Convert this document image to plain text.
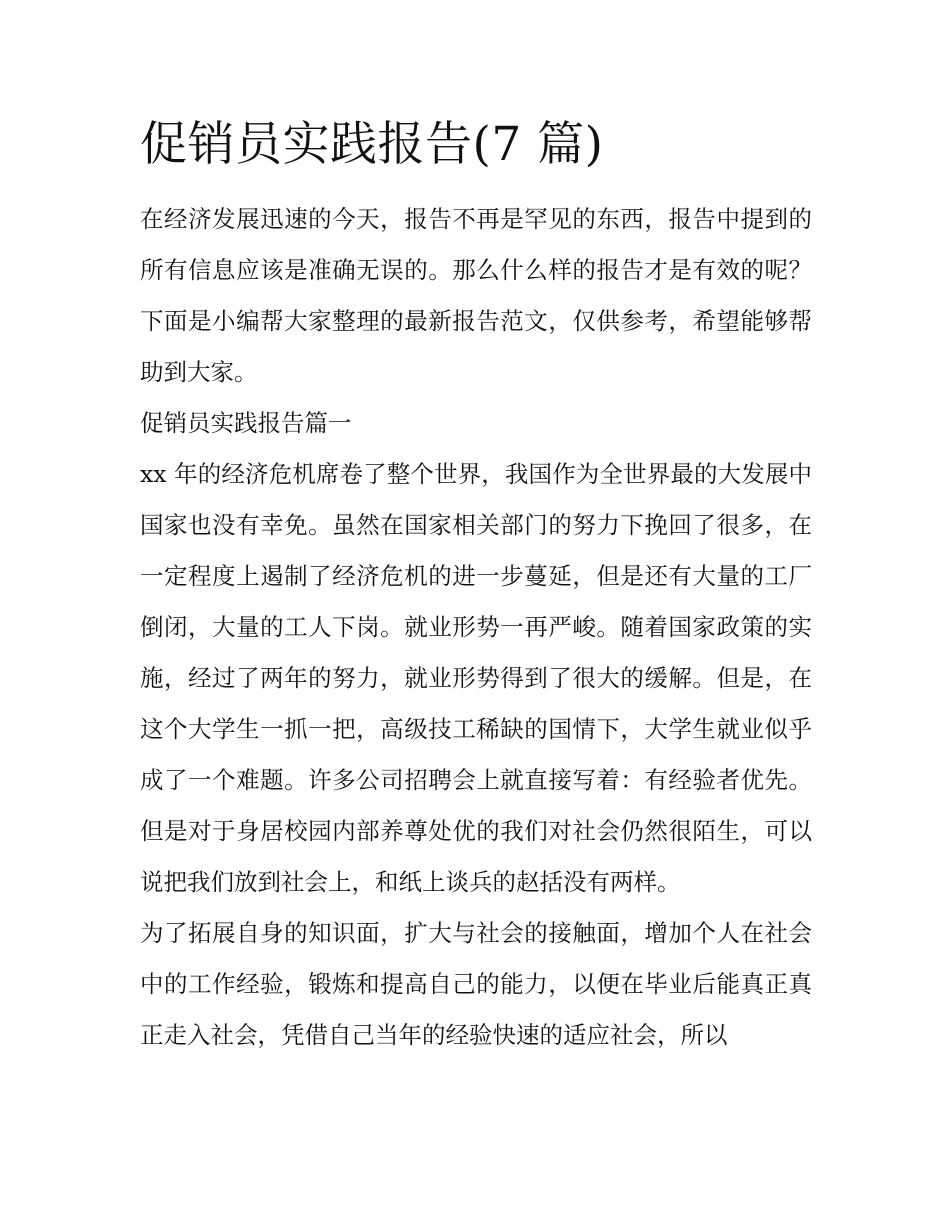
促销员实践报告(7 篇)

在经济发展迅速的今天，报告不再是罕见的东西，报告中提到的所有信息应该是准确无误的。那么什么样的报告才是有效的呢？下面是小编帮大家整理的最新报告范文，仅供参考，希望能够帮助到大家。

促销员实践报告篇一

xx 年的经济危机席卷了整个世界，我国作为全世界最的大发展中国家也没有幸免。虽然在国家相关部门的努力下挽回了很多，在一定程度上遏制了经济危机的进一步蔓延，但是还有大量的工厂倒闭，大量的工人下岗。就业形势一再严峻。随着国家政策的实施，经过了两年的努力，就业形势得到了很大的缓解。但是，在这个大学生一抓一把，高级技工稀缺的国情下，大学生就业似乎成了一个难题。许多公司招聘会上就直接写着：有经验者优先。但是对于身居校园内部养尊处优的我们对社会仍然很陌生，可以说把我们放到社会上，和纸上谈兵的赵括没有两样。

为了拓展自身的知识面，扩大与社会的接触面，增加个人在社会中的工作经验，锻炼和提高自己的能力，以便在毕业后能真正真正走入社会，凭借自己当年的经验快速的适应社会，所以
